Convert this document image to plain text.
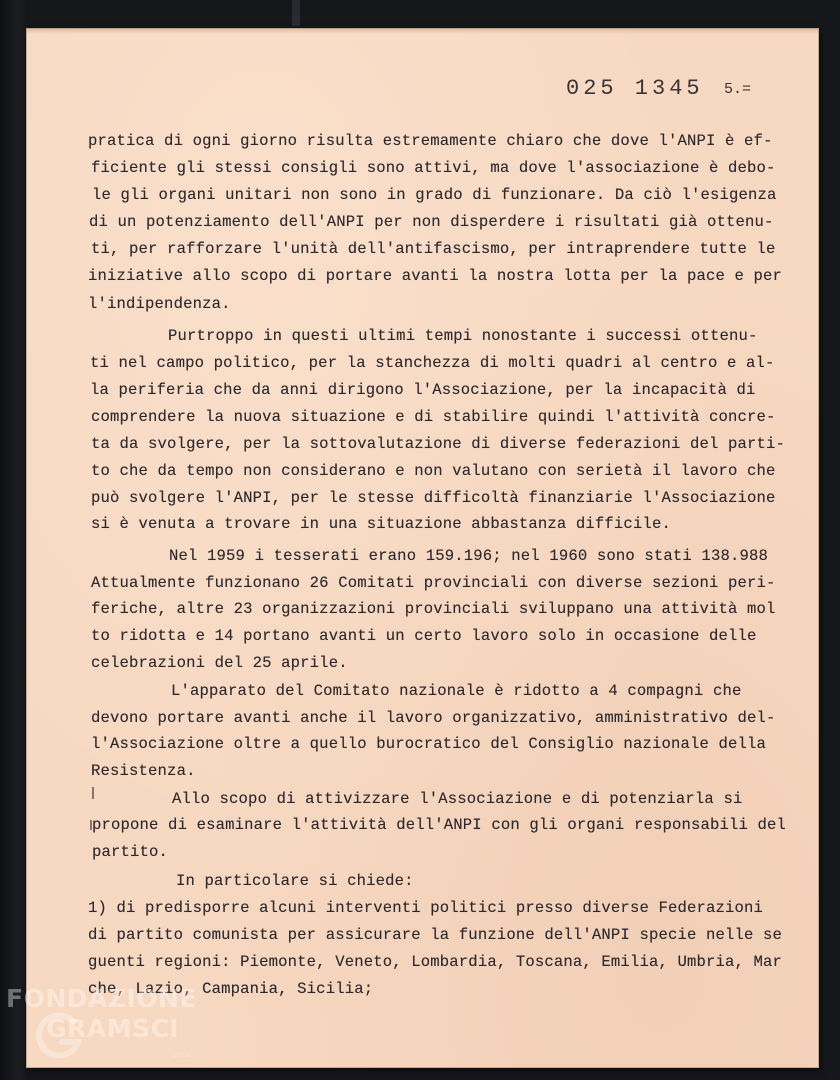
025 1345 5.=
pratica di ogni giorno risulta estremamente chiaro che dove l'ANPI è ef-
ficiente gli stessi consigli sono attivi, ma dove l'associazione è debo-
le gli organi unitari non sono in grado di funzionare. Da ciò l'esigenza
di un potenziamento dell'ANPI per non disperdere i risultati già ottenu-
ti, per rafforzare l'unità dell'antifascismo, per intraprendere tutte le
iniziative allo scopo di portare avanti la nostra lotta per la pace e per
l'indipendenza.
Purtroppo in questi ultimi tempi nonostante i successi ottenu-
ti nel campo politico, per la stanchezza di molti quadri al centro e al-
la periferia che da anni dirigono l'Associazione, per la incapacità di
comprendere la nuova situazione e di stabilire quindi l'attività concre-
ta da svolgere, per la sottovalutazione di diverse federazioni del parti-
to che da tempo non considerano e non valutano con serietà il lavoro che
può svolgere l'ANPI, per le stesse difficoltà finanziarie l'Associazione
si è venuta a trovare in una situazione abbastanza difficile.
Nel 1959 i tesserati erano 159.196; nel 1960 sono stati 138.988
Attualmente funzionano 26 Comitati provinciali con diverse sezioni peri-
feriche, altre 23 organizzazioni provinciali sviluppano una attività mol
to ridotta e 14 portano avanti un certo lavoro solo in occasione delle
celebrazioni del 25 aprile.
L'apparato del Comitato nazionale è ridotto a 4 compagni che
devono portare avanti anche il lavoro organizzativo, amministrativo del-
l'Associazione oltre a quello burocratico del Consiglio nazionale della
Resistenza.
Allo scopo di attivizzare l'Associazione e di potenziarla si
propone di esaminare l'attività dell'ANPI con gli organi responsabili del
partito.
In particolare si chiede:
1) di predisporre alcuni interventi politici presso diverse Federazioni
di partito comunista per assicurare la funzione dell'ANPI specie nelle se
guenti regioni: Piemonte, Veneto, Lombardia, Toscana, Emilia, Umbria, Mar
che, Lazio, Campania, Sicilia;
FONDAZIONE
GRAMSCI
onlus
